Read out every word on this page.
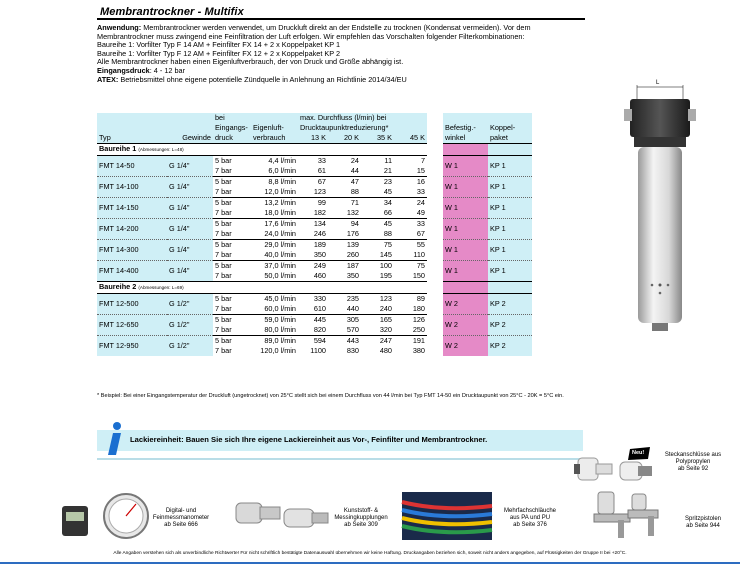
Membrantrockner - Multifix
Anwendung: Membrantrockner werden verwendet, um Druckluft direkt an der Endstelle zu trocknen (Kondensat vermeiden). Vor dem Membrantrockner muss zwingend eine Feinfiltration der Luft erfolgen. Wir empfehlen das Vorschalten folgender Filterkombinationen:
Baureihe 1: Vorfilter Typ F 14 AM + Feinfilter FX 14 + 2 x Koppelpaket KP 1
Baureihe 1: Vorfilter Typ F 12 AM + Feinfilter FX 12 + 2 x Koppelpaket KP 2
Alle Membrantrockner haben einen Eigenluftverbrauch, der von Druck und Größe abhängig ist.
Eingangsdruck: 4 - 12 bar
ATEX: Betriebsmittel ohne eigene potentielle Zündquelle in Anlehnung an Richtlinie 2014/34/EU
		bei		max. Durchfluss (l/min) bei						
		Eingangs-	Eigenluft-	Drucktaupunktreduzierung*					Befestig.-	Koppel-
Typ	Gewinde	druck	verbrauch	13 K	20 K	35 K	45 K		winkel	paket
Baureihe 1 (Abmessungen: L=48)										
FMT 14-50	G 1/4"	5 bar	4,4 l/min	33	24	11	7		W 1	KP 1
		7 bar	6,0 l/min	61	44	21	15			
FMT 14-100	G 1/4"	5 bar	8,8 l/min	67	47	23	16		W 1	KP 1
		7 bar	12,0 l/min	123	88	45	33			
FMT 14-150	G 1/4"	5 bar	13,2 l/min	99	71	34	24		W 1	KP 1
		7 bar	18,0 l/min	182	132	66	49			
FMT 14-200	G 1/4"	5 bar	17,6 l/min	134	94	45	33		W 1	KP 1
		7 bar	24,0 l/min	246	176	88	67			
FMT 14-300	G 1/4"	5 bar	29,0 l/min	189	139	75	55		W 1	KP 1
		7 bar	40,0 l/min	350	260	145	110			
FMT 14-400	G 1/4"	5 bar	37,0 l/min	249	187	100	75		W 1	KP 1
		7 bar	50,0 l/min	460	350	195	150			
Baureihe 2 (Abmessungen: L=69)										
FMT 12-500	G 1/2"	5 bar	45,0 l/min	330	235	123	89		W 2	KP 2
		7 bar	60,0 l/min	610	440	240	180			
FMT 12-650	G 1/2"	5 bar	59,0 l/min	445	305	165	126		W 2	KP 2
		7 bar	80,0 l/min	820	570	320	250			
FMT 12-950	G 1/2"	5 bar	89,0 l/min	594	443	247	191		W 2	KP 2
		7 bar	120,0 l/min	1100	830	480	380			
L
* Beispiel: Bei einer Eingangstemperatur der Druckluft (ungetrocknet) von 25°C stellt sich bei einem Durchfluss von 44 l/min bei Typ FMT 14-50 ein Drucktaupunkt von 25°C - 20K = 5°C ein.
Lackiereinheit: Bauen Sie sich Ihre eigene Lackiereinheit aus Vor-, Feinfilter und Membrantrockner.
Neu!	Steckanschlüsse aus
Polypropylen
ab Seite 92
Digital- und
Feinmessmanometer
ab Seite 666
Kunststoff- &
Messingkupplungen
ab Seite 309
Mehrfachschläuche
aus PA und PU
ab Seite 376
Spritzpistolen
ab Seite 944
Alle Angaben verstehen sich als unverbindliche Richtwerte! Für nicht schriftlich bestätigte Datenauswahl übernehmen wir keine Haftung. Druckangaben beziehen sich, soweit nicht anders angegeben, auf Flüssigkeiten der Gruppe II bei +20°C.
